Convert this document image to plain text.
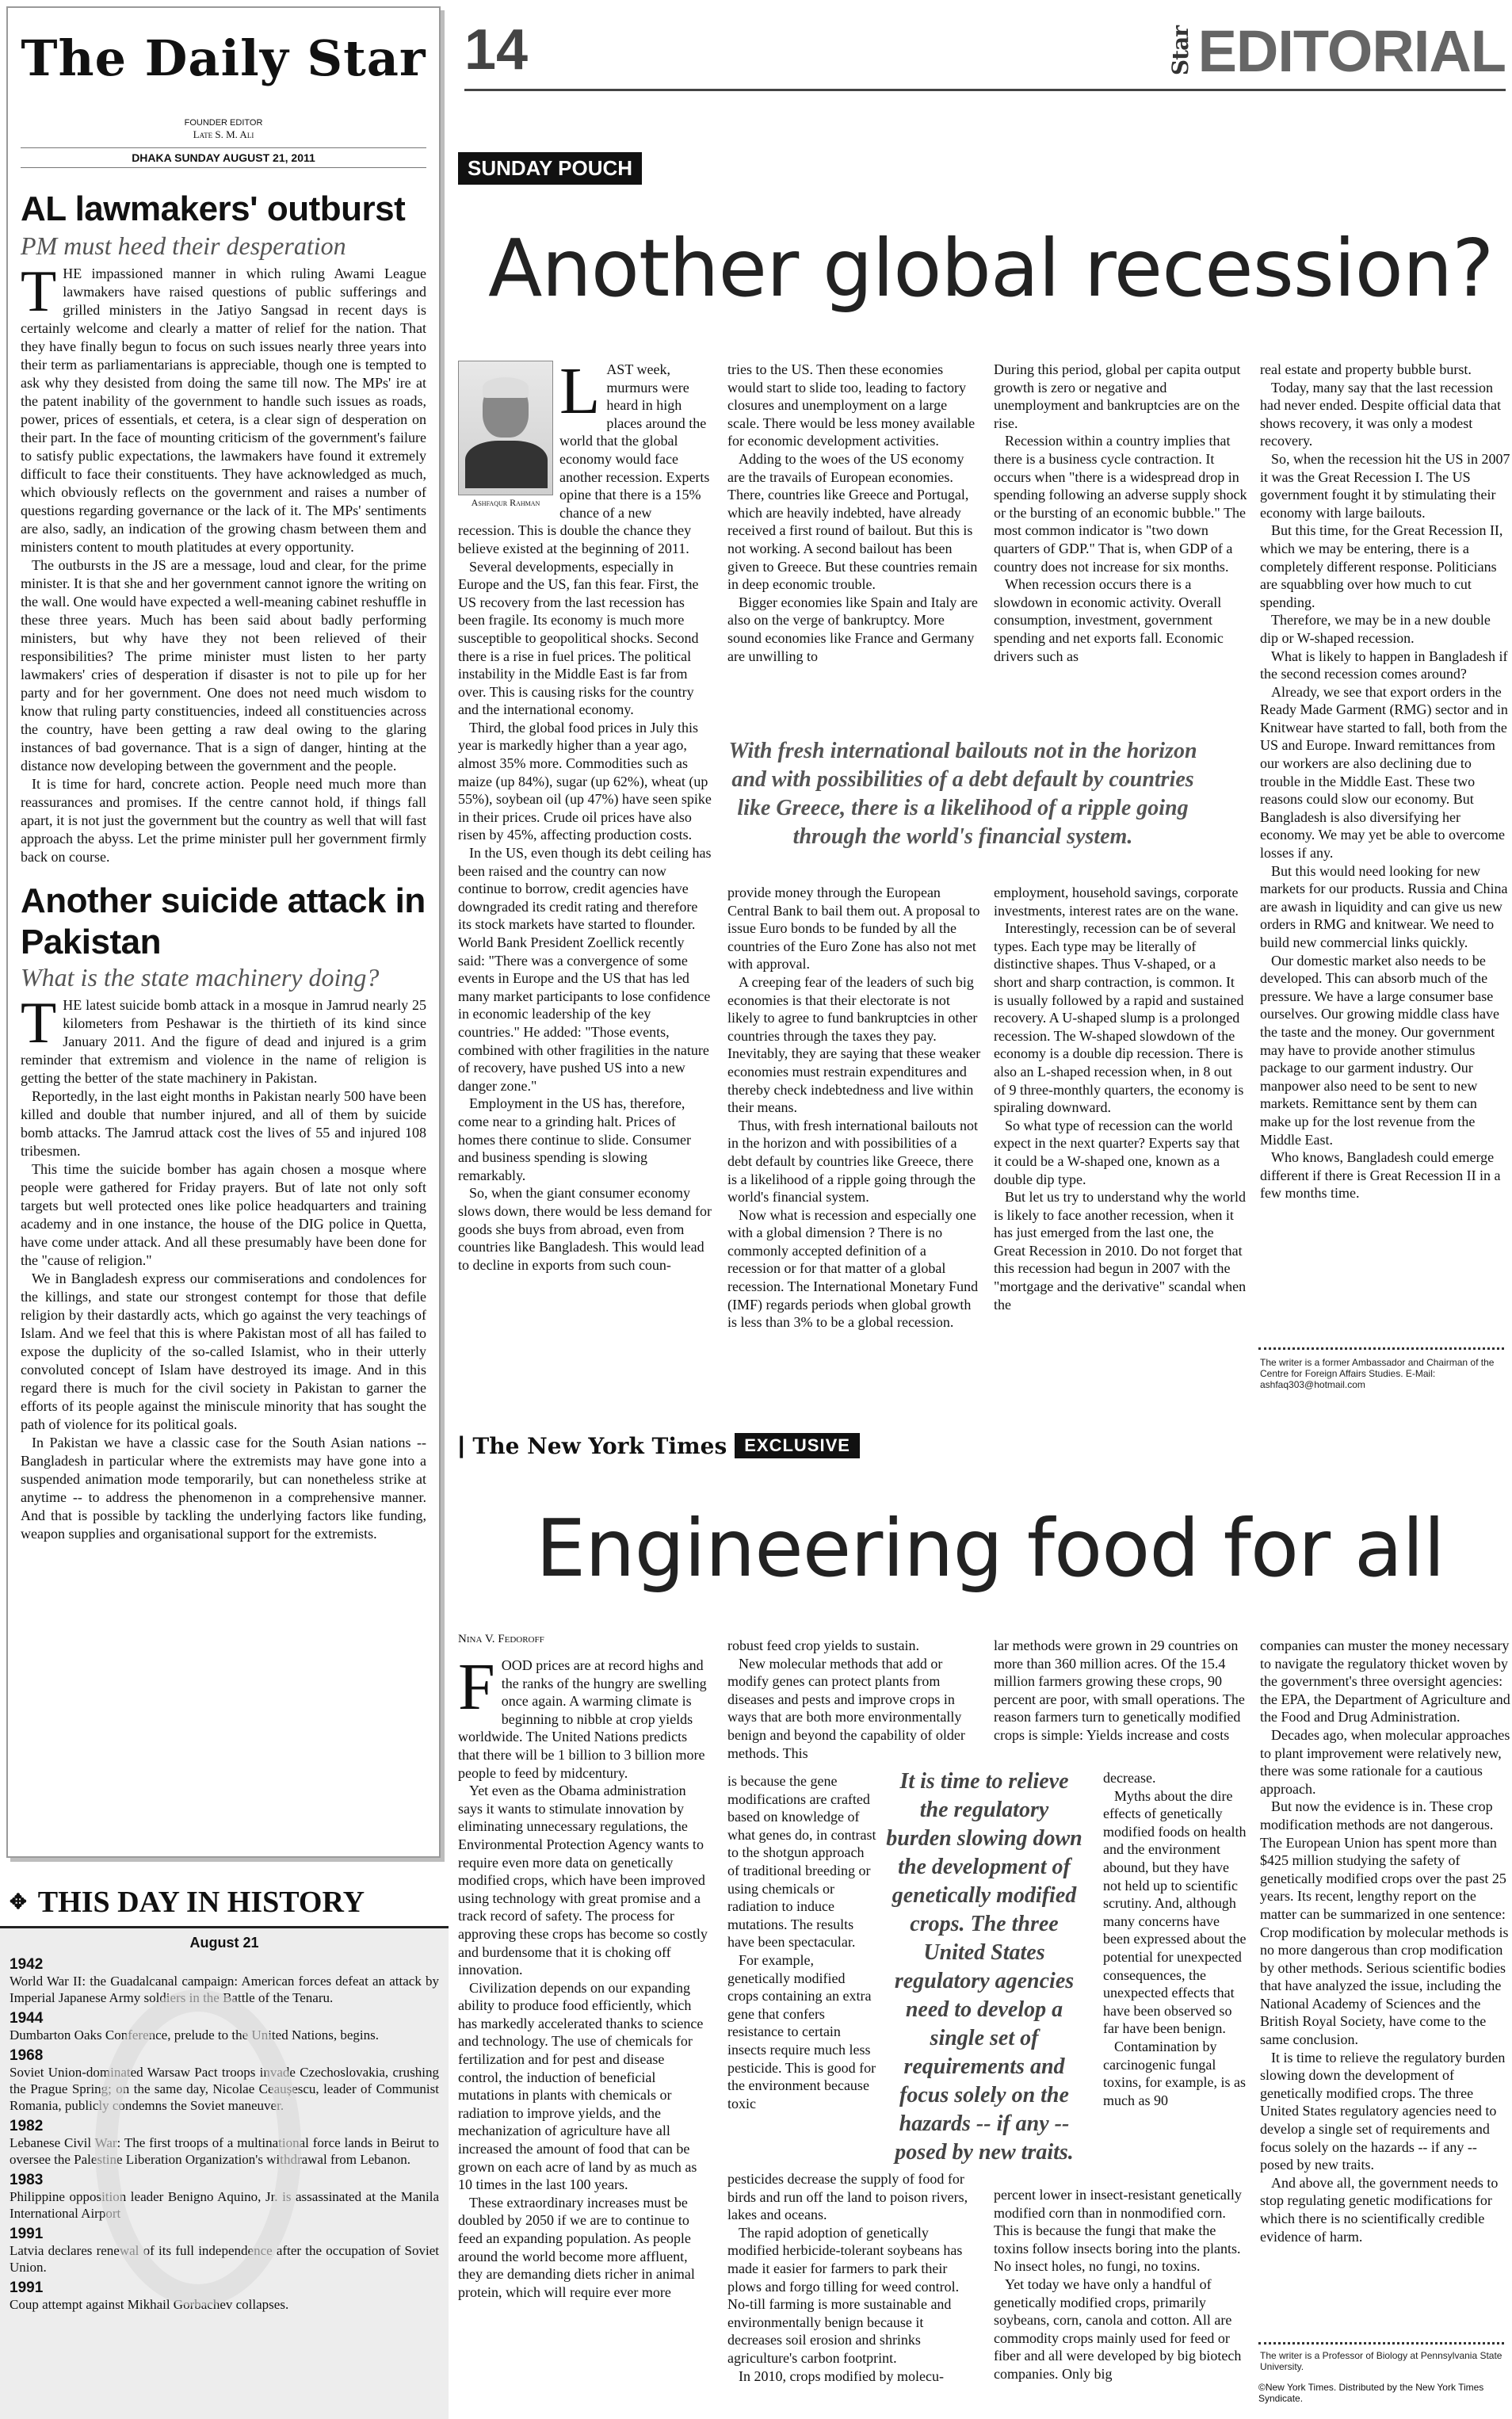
The Daily Star
FOUNDER EDITOR
Late S. M. Ali
DHAKA SUNDAY AUGUST 21, 2011
AL lawmakers' outburst
PM must heed their desperation
T HE impassioned manner in which ruling Awami League lawmakers have raised questions of public sufferings and grilled ministers in the Jatiyo Sangsad in recent days is certainly welcome and clearly a matter of relief for the nation. That they have finally begun to focus on such issues nearly three years into their term as parliamentarians is appreciable, though one is tempted to ask why they desisted from doing the same till now. The MPs' ire at the patent inability of the government to handle such issues as roads, power, prices of essentials, et cetera, is a clear sign of desperation on their part. In the face of mounting criticism of the government's failure to satisfy public expectations, the lawmakers have found it extremely difficult to face their constituents. They have acknowledged as much, which obviously reflects on the government and raises a number of questions regarding governance or the lack of it. The MPs' sentiments are also, sadly, an indication of the growing chasm between them and ministers content to mouth platitudes at every opportunity.

The outbursts in the JS are a message, loud and clear, for the prime minister. It is that she and her government cannot ignore the writing on the wall. One would have expected a well-meaning cabinet reshuffle in these three years. Much has been said about badly performing ministers, but why have they not been relieved of their responsibilities? The prime minister must listen to her party lawmakers' cries of desperation if disaster is not to pile up for her party and for her government. One does not need much wisdom to know that ruling party constituencies, indeed all constituencies across the country, have been getting a raw deal owing to the glaring instances of bad governance. That is a sign of danger, hinting at the distance now developing between the government and the people.

It is time for hard, concrete action. People need much more than reassurances and promises. If the centre cannot hold, if things fall apart, it is not just the government but the country as well that will fast approach the abyss. Let the prime minister pull her government firmly back on course.

Another suicide attack in Pakistan
What is the state machinery doing?
T HE latest suicide bomb attack in a mosque in Jamrud nearly 25 kilometers from Peshawar is the thirtieth of its kind since January 2011. And the figure of dead and injured is a grim reminder that extremism and violence in the name of religion is getting the better of the state machinery in Pakistan.

Reportedly, in the last eight months in Pakistan nearly 500 have been killed and double that number injured, and all of them by suicide bomb attacks. The Jamrud attack cost the lives of 55 and injured 108 tribesmen.

This time the suicide bomber has again chosen a mosque where people were gathered for Friday prayers. But of late not only soft targets but well protected ones like police headquarters and training academy and in one instance, the house of the DIG police in Quetta, have come under attack. And all these presumably have been done for the "cause of religion."

We in Bangladesh express our commiserations and condolences for the killings, and state our strongest contempt for those that defile religion by their dastardly acts, which go against the very teachings of Islam. And we feel that this is where Pakistan most of all has failed to expose the duplicity of the so-called Islamist, who in their utterly convoluted concept of Islam have destroyed its image. And in this regard there is much for the civil society in Pakistan to garner the efforts of its people against the miniscule minority that has sought the path of violence for its political goals.

In Pakistan we have a classic case for the South Asian nations -- Bangladesh in particular where the extremists may have gone into a suspended animation mode temporarily, but can nonetheless strike at anytime -- to address the phenomenon in a comprehensive manner. And that is possible by tackling the underlying factors like funding, weapon supplies and organisational support for the extremists.

✥ THIS DAY IN HISTORY
August 21
1942
World War II: the Guadalcanal campaign: American forces defeat an attack by Imperial Japanese Army soldiers in the Battle of the Tenaru.
1944
Dumbarton Oaks Conference, prelude to the United Nations, begins.
1968
Soviet Union-dominated Warsaw Pact troops invade Czechoslovakia, crushing the Prague Spring; on the same day, Nicolae Ceaușescu, leader of Communist Romania, publicly condemns the Soviet maneuver.
1982
Lebanese Civil War: The first troops of a multinational force lands in Beirut to oversee the Palestine Liberation Organization's withdrawal from Lebanon.
1983
Philippine opposition leader Benigno Aquino, Jr. is assassinated at the Manila International Airport
1991
Latvia declares renewal of its full independence after the occupation of Soviet Union.
1991
Coup attempt against Mikhail Gorbachev collapses.
14	Star EDITORIAL
SUNDAY POUCH
Another global recession?
Ashfaqur Rahman
L AST week, murmurs were heard in high places around the world that the global economy would face another recession. Experts opine that there is a 15% chance of a new recession. This is double the chance they believe existed at the beginning of 2011.

Several developments, especially in Europe and the US, fan this fear. First, the US recovery from the last recession has been fragile. Its economy is much more susceptible to geopolitical shocks. Second there is a rise in fuel prices. The political instability in the Middle East is far from over. This is causing risks for the country and the international economy.

Third, the global food prices in July this year is markedly higher than a year ago, almost 35% more. Commodities such as maize (up 84%), sugar (up 62%), wheat (up 55%), soybean oil (up 47%) have seen spike in their prices. Crude oil prices have also risen by 45%, affecting production costs.

In the US, even though its debt ceiling has been raised and the country can now continue to borrow, credit agencies have downgraded its credit rating and therefore its stock markets have started to flounder. World Bank President Zoellick recently said: "There was a convergence of some events in Europe and the US that has led many market participants to lose confidence in economic leadership of the key countries." He added: "Those events, combined with other fragilities in the nature of recovery, have pushed US into a new danger zone."

Employment in the US has, therefore, come near to a grinding halt. Prices of homes there continue to slide. Consumer and business spending is slowing remarkably.

So, when the giant consumer economy slows down, there would be less demand for goods she buys from abroad, even from countries like Bangladesh. This would lead to decline in exports from such coun-

tries to the US. Then these economies would start to slide too, leading to factory closures and unemployment on a large scale. There would be less money available for economic development activities.

Adding to the woes of the US economy are the travails of European economies. There, countries like Greece and Portugal, which are heavily indebted, have already received a first round of bailout. But this is not working. A second bailout has been given to Greece. But these countries remain in deep economic trouble.

Bigger economies like Spain and Italy are also on the verge of bankruptcy. More sound economies like France and Germany are unwilling to

During this period, global per capita output growth is zero or negative and unemployment and bankruptcies are on the rise.

Recession within a country implies that there is a business cycle contraction. It occurs when "there is a widespread drop in spending following an adverse supply shock or the bursting of an economic bubble." The most common indicator is "two down quarters of GDP." That is, when GDP of a country does not increase for six months.

When recession occurs there is a slowdown in economic activity. Overall consumption, investment, government spending and net exports fall. Economic drivers such as

With fresh international bailouts not in the horizon and with possibilities of a debt default by countries like Greece, there is a likelihood of a ripple going through the world's financial system.

provide money through the European Central Bank to bail them out. A proposal to issue Euro bonds to be funded by all the countries of the Euro Zone has also not met with approval.

A creeping fear of the leaders of such big economies is that their electorate is not likely to agree to fund bankruptcies in other countries through the taxes they pay. Inevitably, they are saying that these weaker economies must restrain expenditures and thereby check indebtedness and live within their means.

Thus, with fresh international bailouts not in the horizon and with possibilities of a debt default by countries like Greece, there is a likelihood of a ripple going through the world's financial system.

Now what is recession and especially one with a global dimension ? There is no commonly accepted definition of a recession or for that matter of a global recession. The International Monetary Fund (IMF) regards periods when global growth is less than 3% to be a global recession.

employment, household savings, corporate investments, interest rates are on the wane.

Interestingly, recession can be of several types. Each type may be literally of distinctive shapes. Thus V-shaped, or a short and sharp contraction, is common. It is usually followed by a rapid and sustained recovery. A U-shaped slump is a prolonged recession. The W-shaped slowdown of the economy is a double dip recession. There is also an L-shaped recession when, in 8 out of 9 three-monthly quarters, the economy is spiraling downward.

So what type of recession can the world expect in the next quarter? Experts say that it could be a W-shaped one, known as a double dip type.

But let us try to understand why the world is likely to face another recession, when it has just emerged from the last one, the Great Recession in 2010. Do not forget that this recession had begun in 2007 with the "mortgage and the derivative" scandal when the

real estate and property bubble burst.

Today, many say that the last recession had never ended. Despite official data that shows recovery, it was only a modest recovery.

So, when the recession hit the US in 2007 it was the Great Recession I. The US government fought it by stimulating their economy with large bailouts.

But this time, for the Great Recession II, which we may be entering, there is a completely different response. Politicians are squabbling over how much to cut spending.

Therefore, we may be in a new double dip or W-shaped recession.

What is likely to happen in Bangladesh if the second recession comes around?

Already, we see that export orders in the Ready Made Garment (RMG) sector and in Knitwear have started to fall, both from the US and Europe. Inward remittances from our workers are also declining due to trouble in the Middle East. These two reasons could slow our economy. But Bangladesh is also diversifying her economy. We may yet be able to overcome losses if any.

But this would need looking for new markets for our products. Russia and China are awash in liquidity and can give us new orders in RMG and knitwear. We need to build new commercial links quickly.

Our domestic market also needs to be developed. This can absorb much of the pressure. We have a large consumer base ourselves. Our growing middle class have the taste and the money. Our government may have to provide another stimulus package to our garment industry. Our manpower also need to be sent to new markets. Remittance sent by them can make up for the lost revenue from the Middle East.

Who knows, Bangladesh could emerge different if there is Great Recession II in a few months time.

The writer is a former Ambassador and Chairman of the Centre for Foreign Affairs Studies. E-Mail: ashfaq303@hotmail.com
| The New York Times	EXCLUSIVE
Engineering food for all
Nina V. Fedoroff
F OOD prices are at record highs and the ranks of the hungry are swelling once again. A warming climate is beginning to nibble at crop yields worldwide. The United Nations predicts that there will be 1 billion to 3 billion more people to feed by midcentury.

Yet even as the Obama administration says it wants to stimulate innovation by eliminating unnecessary regulations, the Environmental Protection Agency wants to require even more data on genetically modified crops, which have been improved using technology with great promise and a track record of safety. The process for approving these crops has become so costly and burdensome that it is choking off innovation.

Civilization depends on our expanding ability to produce food efficiently, which has markedly accelerated thanks to science and technology. The use of chemicals for fertilization and for pest and disease control, the induction of beneficial mutations in plants with chemicals or radiation to improve yields, and the mechanization of agriculture have all increased the amount of food that can be grown on each acre of land by as much as 10 times in the last 100 years.

These extraordinary increases must be doubled by 2050 if we are to continue to feed an expanding population. As people around the world become more affluent, they are demanding diets richer in animal protein, which will require ever more

robust feed crop yields to sustain.

New molecular methods that add or modify genes can protect plants from diseases and pests and improve crops in ways that are both more environmentally benign and beyond the capability of older methods. This

is because the gene modifications are crafted based on knowledge of what genes do, in contrast to the shotgun approach of traditional breeding or using chemicals or radiation to induce mutations. The results have been spectacular.

For example, genetically modified crops containing an extra gene that confers resistance to certain insects require much less pesticide. This is good for the environment because toxic

It is time to relieve the regulatory burden slowing down the development of genetically modified crops. The three United States regulatory agencies need to develop a single set of requirements and focus solely on the hazards -- if any -- posed by new traits.

pesticides decrease the supply of food for birds and run off the land to poison rivers, lakes and oceans.

The rapid adoption of genetically modified herbicide-tolerant soybeans has made it easier for farmers to park their plows and forgo tilling for weed control. No-till farming is more sustainable and environmentally benign because it decreases soil erosion and shrinks agriculture's carbon footprint.

In 2010, crops modified by molecu-

lar methods were grown in 29 countries on more than 360 million acres. Of the 15.4 million farmers growing these crops, 90 percent are poor, with small operations. The reason farmers turn to genetically modified crops is simple: Yields increase and costs

decrease.

Myths about the dire effects of genetically modified foods on health and the environment abound, but they have not held up to scientific scrutiny. And, although many concerns have been expressed about the potential for unexpected consequences, the unexpected effects that have been observed so far have been benign.

Contamination by carcinogenic fungal toxins, for example, is as much as 90

percent lower in insect-resistant genetically modified corn than in nonmodified corn. This is because the fungi that make the toxins follow insects boring into the plants. No insect holes, no fungi, no toxins.

Yet today we have only a handful of genetically modified crops, primarily soybeans, corn, canola and cotton. All are commodity crops mainly used for feed or fiber and all were developed by big biotech companies. Only big

companies can muster the money necessary to navigate the regulatory thicket woven by the government's three oversight agencies: the EPA, the Department of Agriculture and the Food and Drug Administration.

Decades ago, when molecular approaches to plant improvement were relatively new, there was some rationale for a cautious approach.

But now the evidence is in. These crop modification methods are not dangerous. The European Union has spent more than $425 million studying the safety of genetically modified crops over the past 25 years. Its recent, lengthy report on the matter can be summarized in one sentence: Crop modification by molecular methods is no more dangerous than crop modification by other methods. Serious scientific bodies that have analyzed the issue, including the National Academy of Sciences and the British Royal Society, have come to the same conclusion.

It is time to relieve the regulatory burden slowing down the development of genetically modified crops. The three United States regulatory agencies need to develop a single set of requirements and focus solely on the hazards -- if any -- posed by new traits.

And above all, the government needs to stop regulating genetic modifications for which there is no scientifically credible evidence of harm.

The writer is a Professor of Biology at Pennsylvania State University.
©New York Times. Distributed by the New York Times Syndicate.
